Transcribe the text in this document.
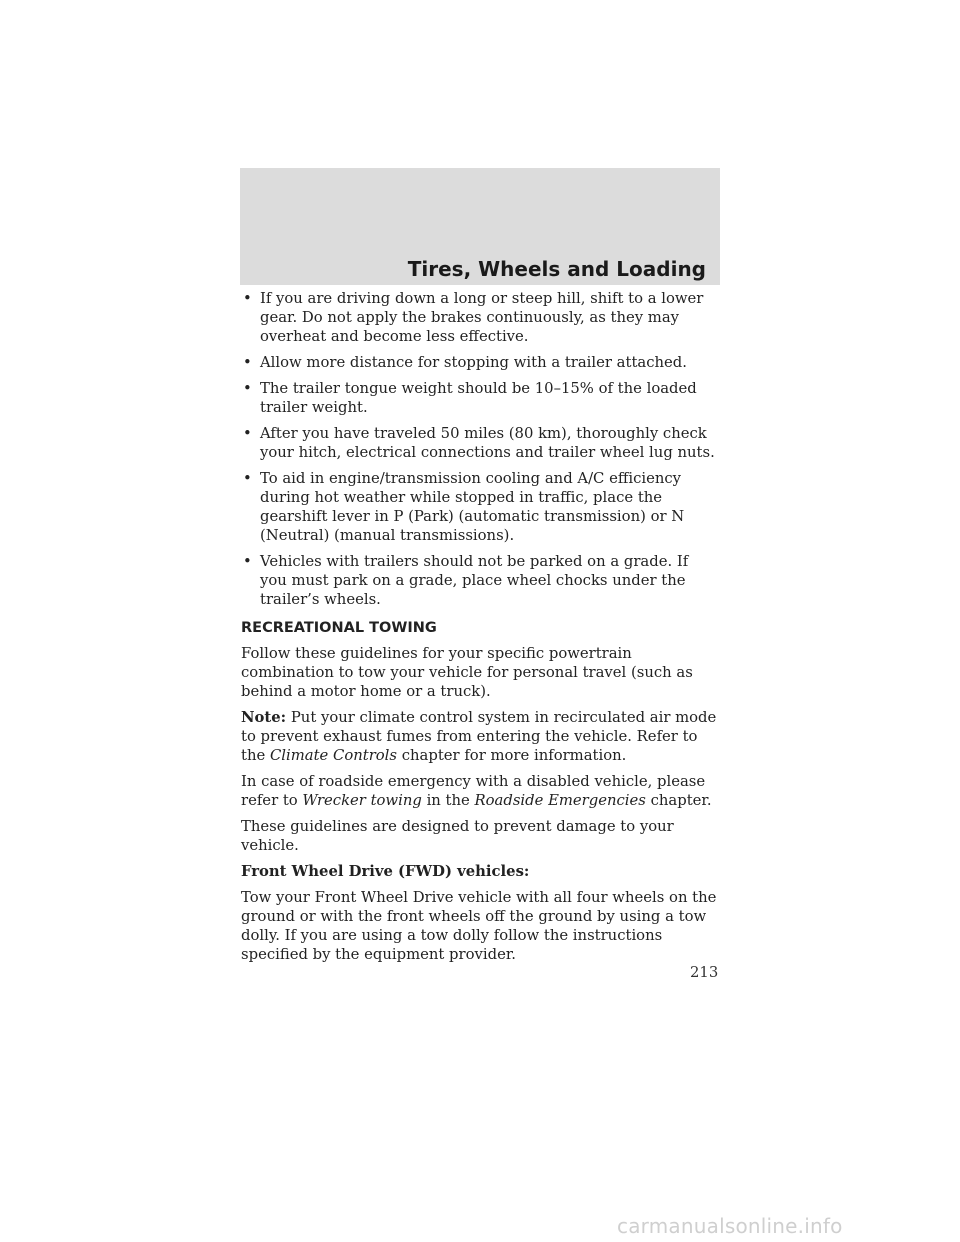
Tires, Wheels and Loading
• If you are driving down a long or steep hill, shift to a lower gear. Do not apply the brakes continuously, as they may overheat and become less effective.
• Allow more distance for stopping with a trailer attached.
• The trailer tongue weight should be 10–15% of the loaded trailer weight.
• After you have traveled 50 miles (80 km), thoroughly check your hitch, electrical connections and trailer wheel lug nuts.
• To aid in engine/transmission cooling and A/C efficiency during hot weather while stopped in traffic, place the gearshift lever in P (Park) (automatic transmission) or N (Neutral) (manual transmissions).
• Vehicles with trailers should not be parked on a grade. If you must park on a grade, place wheel chocks under the trailer’s wheels.
RECREATIONAL TOWING

Follow these guidelines for your specific powertrain combination to tow your vehicle for personal travel (such as behind a motor home or a truck).

Note: Put your climate control system in recirculated air mode to prevent exhaust fumes from entering the vehicle. Refer to the Climate Controls chapter for more information.

In case of roadside emergency with a disabled vehicle, please refer to Wrecker towing in the Roadside Emergencies chapter.

These guidelines are designed to prevent damage to your vehicle.

Front Wheel Drive (FWD) vehicles:

Tow your Front Wheel Drive vehicle with all four wheels on the ground or with the front wheels off the ground by using a tow dolly. If you are using a tow dolly follow the instructions specified by the equipment provider.

213
carmanualsonline.info
